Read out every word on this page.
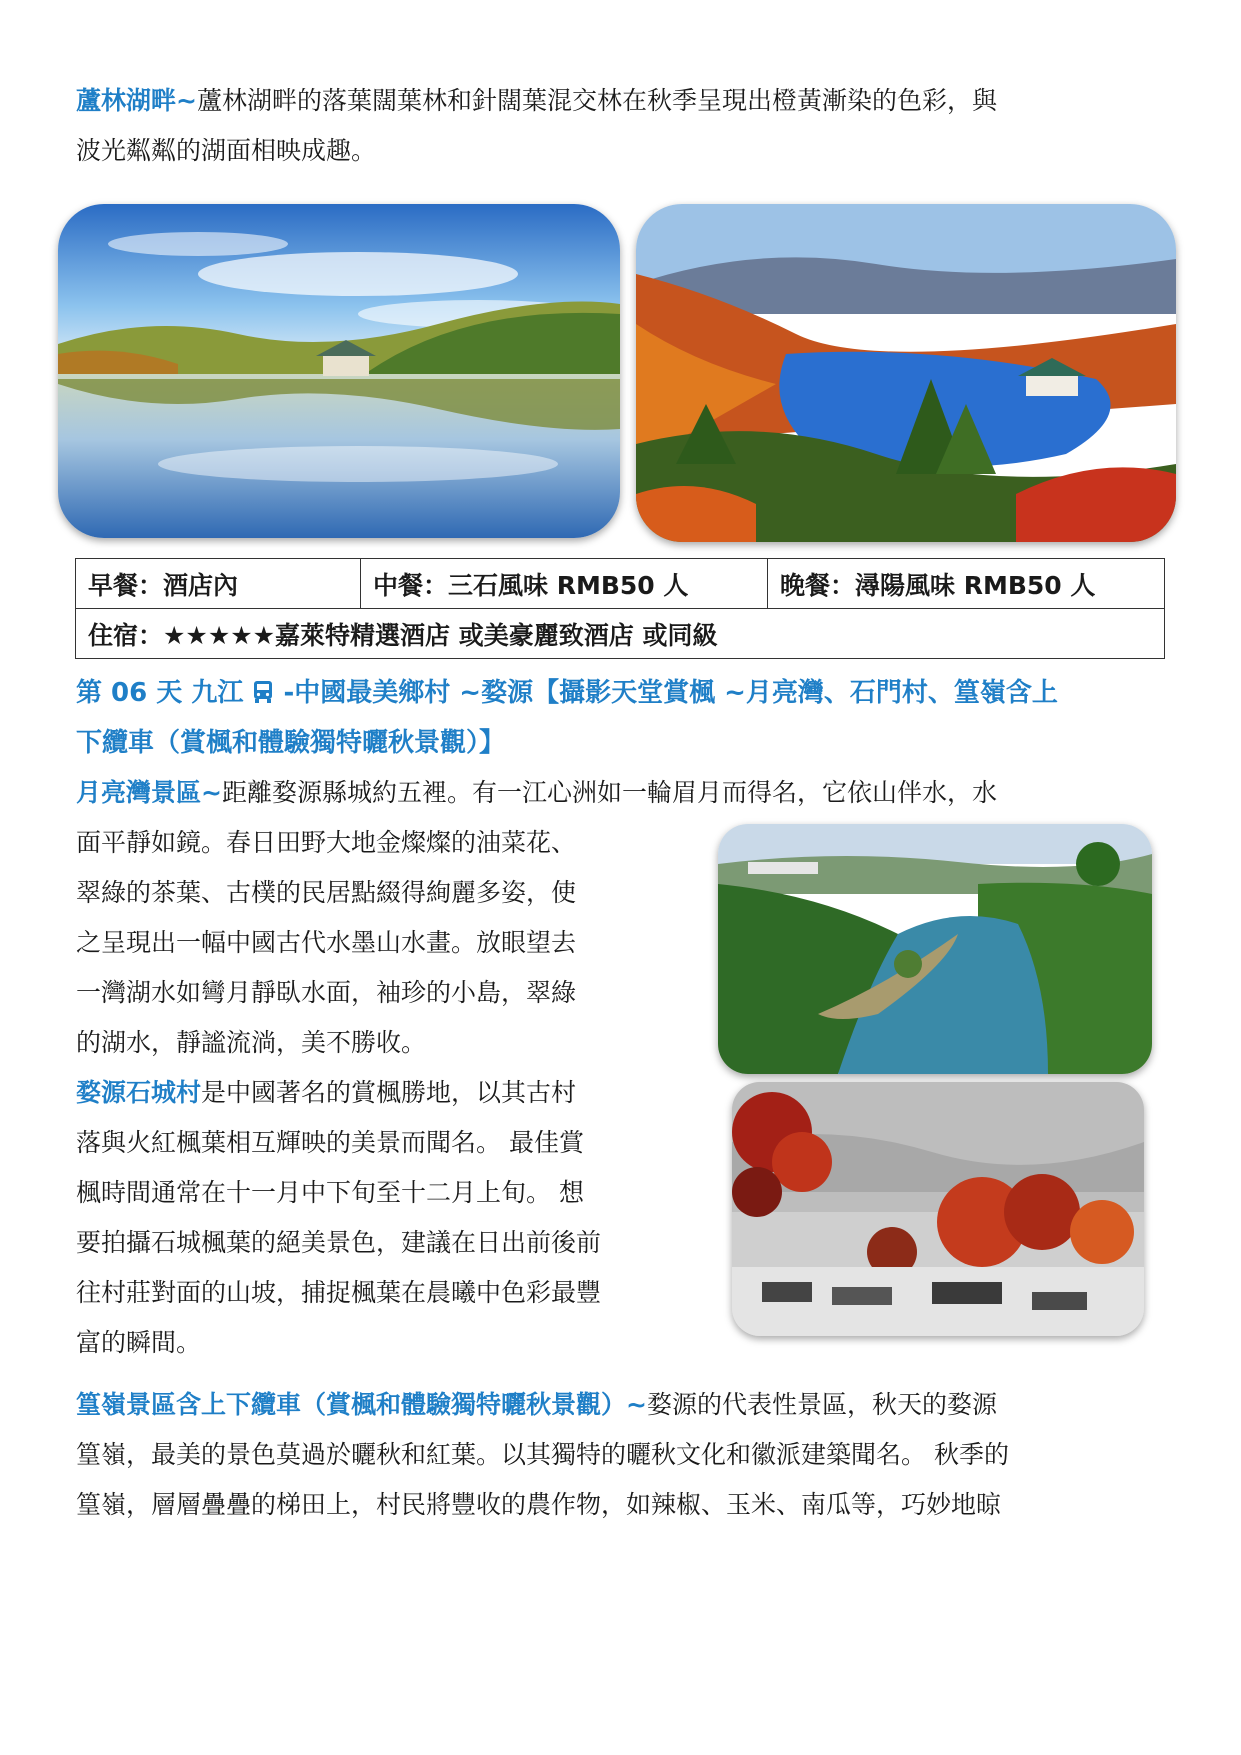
蘆林湖畔~蘆林湖畔的落葉闊葉林和針闊葉混交林在秋季呈現出橙黃漸染的色彩，與
波光粼粼的湖面相映成趣。

早餐：酒店內	中餐：三石風味 RMB50 人	晚餐：潯陽風味 RMB50 人
住宿：★★★★★嘉萊特精選酒店 或美豪麗致酒店 或同級

第 06 天 九江  -中國最美鄉村 ~婺源【攝影天堂賞楓 ~月亮灣、石門村、篁嶺含上
下纜車（賞楓和體驗獨特曬秋景觀）】

月亮灣景區~距離婺源縣城約五裡。有一江心洲如一輪眉月而得名，它依山伴水，水

面平靜如鏡。春日田野大地金燦燦的油菜花、
翠綠的茶葉、古樸的民居點綴得絢麗多姿，使
之呈現出一幅中國古代水墨山水畫。放眼望去
一灣湖水如彎月靜臥水面，袖珍的小島，翠綠
的湖水，靜謐流淌，美不勝收。

婺源石城村是中國著名的賞楓勝地，以其古村
落與火紅楓葉相互輝映的美景而聞名。 最佳賞
楓時間通常在十一月中下旬至十二月上旬。 想
要拍攝石城楓葉的絕美景色，建議在日出前後前
往村莊對面的山坡，捕捉楓葉在晨曦中色彩最豐
富的瞬間。

篁嶺景區含上下纜車（賞楓和體驗獨特曬秋景觀）~婺源的代表性景區，秋天的婺源
篁嶺，最美的景色莫過於曬秋和紅葉。以其獨特的曬秋文化和徽派建築聞名。 秋季的
篁嶺，層層疊疊的梯田上，村民將豐收的農作物，如辣椒、玉米、南瓜等，巧妙地晾
